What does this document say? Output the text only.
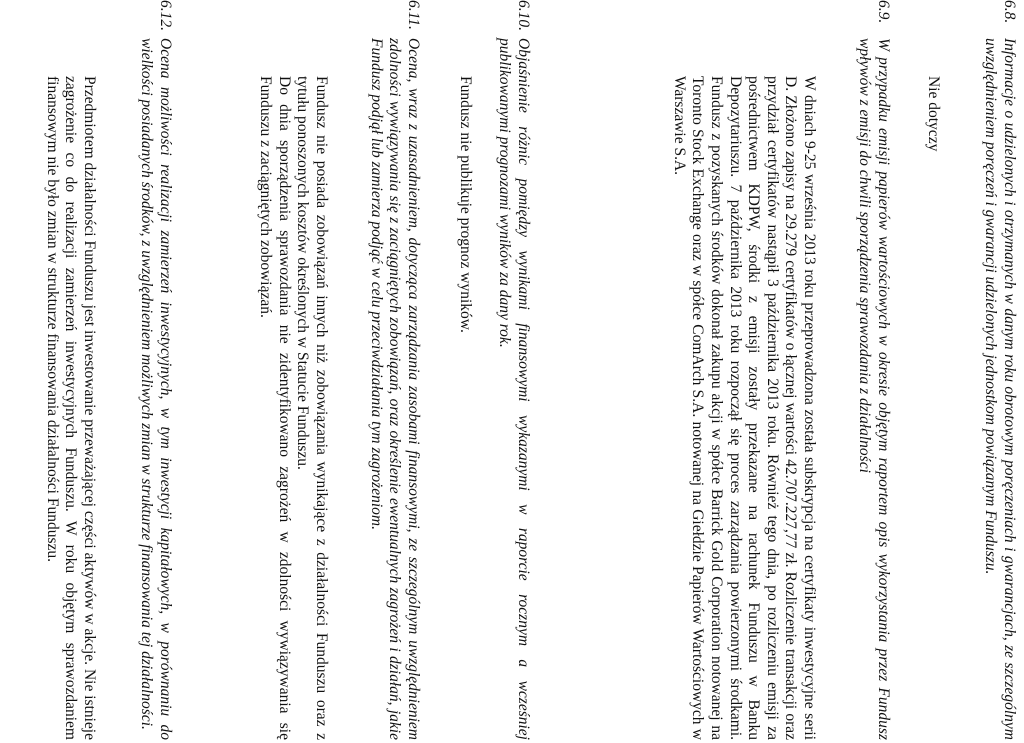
6.8.
Informacje o udzielonych i otrzymanych w danym roku obrotowym poręczeniach i gwarancjach, ze szczególnym uwzględnieniem poręczeń i gwarancji udzielonych jednostkom powiązanym Funduszu.
Nie dotyczy
6.9.
W przypadku emisji papierów wartościowych w okresie objętym raportem opis wykorzystania przez Fundusz wpływów z emisji do chwili sporządzenia sprawozdania z działalności
W dniach 9-25 września 2013 roku przeprowadzona została subskrypcja na certyfikaty inwestycyjne serii D. Złożono zapisy na 29.279 certyfikatów o łącznej wartości 42.707.227,77 zł. Rozliczenie transakcji oraz przydział certyfikatów nastąpił 3 października 2013 roku. Również tego dnia, po rozliczeniu emisji za pośrednictwem KDPW, środki z emisji zostały przekazane na rachunek Funduszu w Banku Depozytariuszu. 7 października 2013 roku rozpoczął się proces zarządzania powierzonymi środkami. Fundusz z pozyskanych środków dokonał zakupu akcji w spółce Barrick Gold Corporation notowanej na Toronto Stock Exchange oraz w spółce ComArch S.A. notowanej na Giełdzie Papierów Wartościowych w Warszawie S.A.
6.10.
Objaśnienie różnic pomiędzy wynikami finansowymi wykazanymi w raporcie rocznym a wcześniej publikowanymi prognozami wyników za dany rok.
Fundusz nie publikuje prognoz wyników.
6.11.
Ocena, wraz z uzasadnieniem, dotycząca zarządzania zasobami finansowymi, ze szczególnym uwzględnieniem zdolności wywiązywania się z zaciągniętych zobowiązań, oraz określenie ewentualnych zagrożeń i działań, jakie Fundusz podjął lub zamierza podjąć w celu przeciwdziałania tym zagrożeniom.
Fundusz nie posiada zobowiązań innych niż zobowiązania wynikające z działalności Funduszu oraz z tytułu ponoszonych kosztów określonych w Statucie Funduszu.
Do dnia sporządzenia sprawozdania nie zidentyfikowano zagrożeń w zdolności wywiązywania się Funduszu z zaciągniętych zobowiązań.
6.12.
Ocena możliwości realizacji zamierzeń inwestycyjnych, w tym inwestycji kapitałowych, w porównaniu do wielkości posiadanych środków, z uwzględnieniem możliwych zmian w strukturze finansowania tej działalności.
Przedmiotem działalności Funduszu jest inwestowanie przeważającej części aktywów w akcje. Nie istnieje zagrożenie co do realizacji zamierzeń inwestycyjnych Funduszu. W roku objętym sprawozdaniem finansowym nie było zmian w strukturze finansowania działalności Funduszu.
